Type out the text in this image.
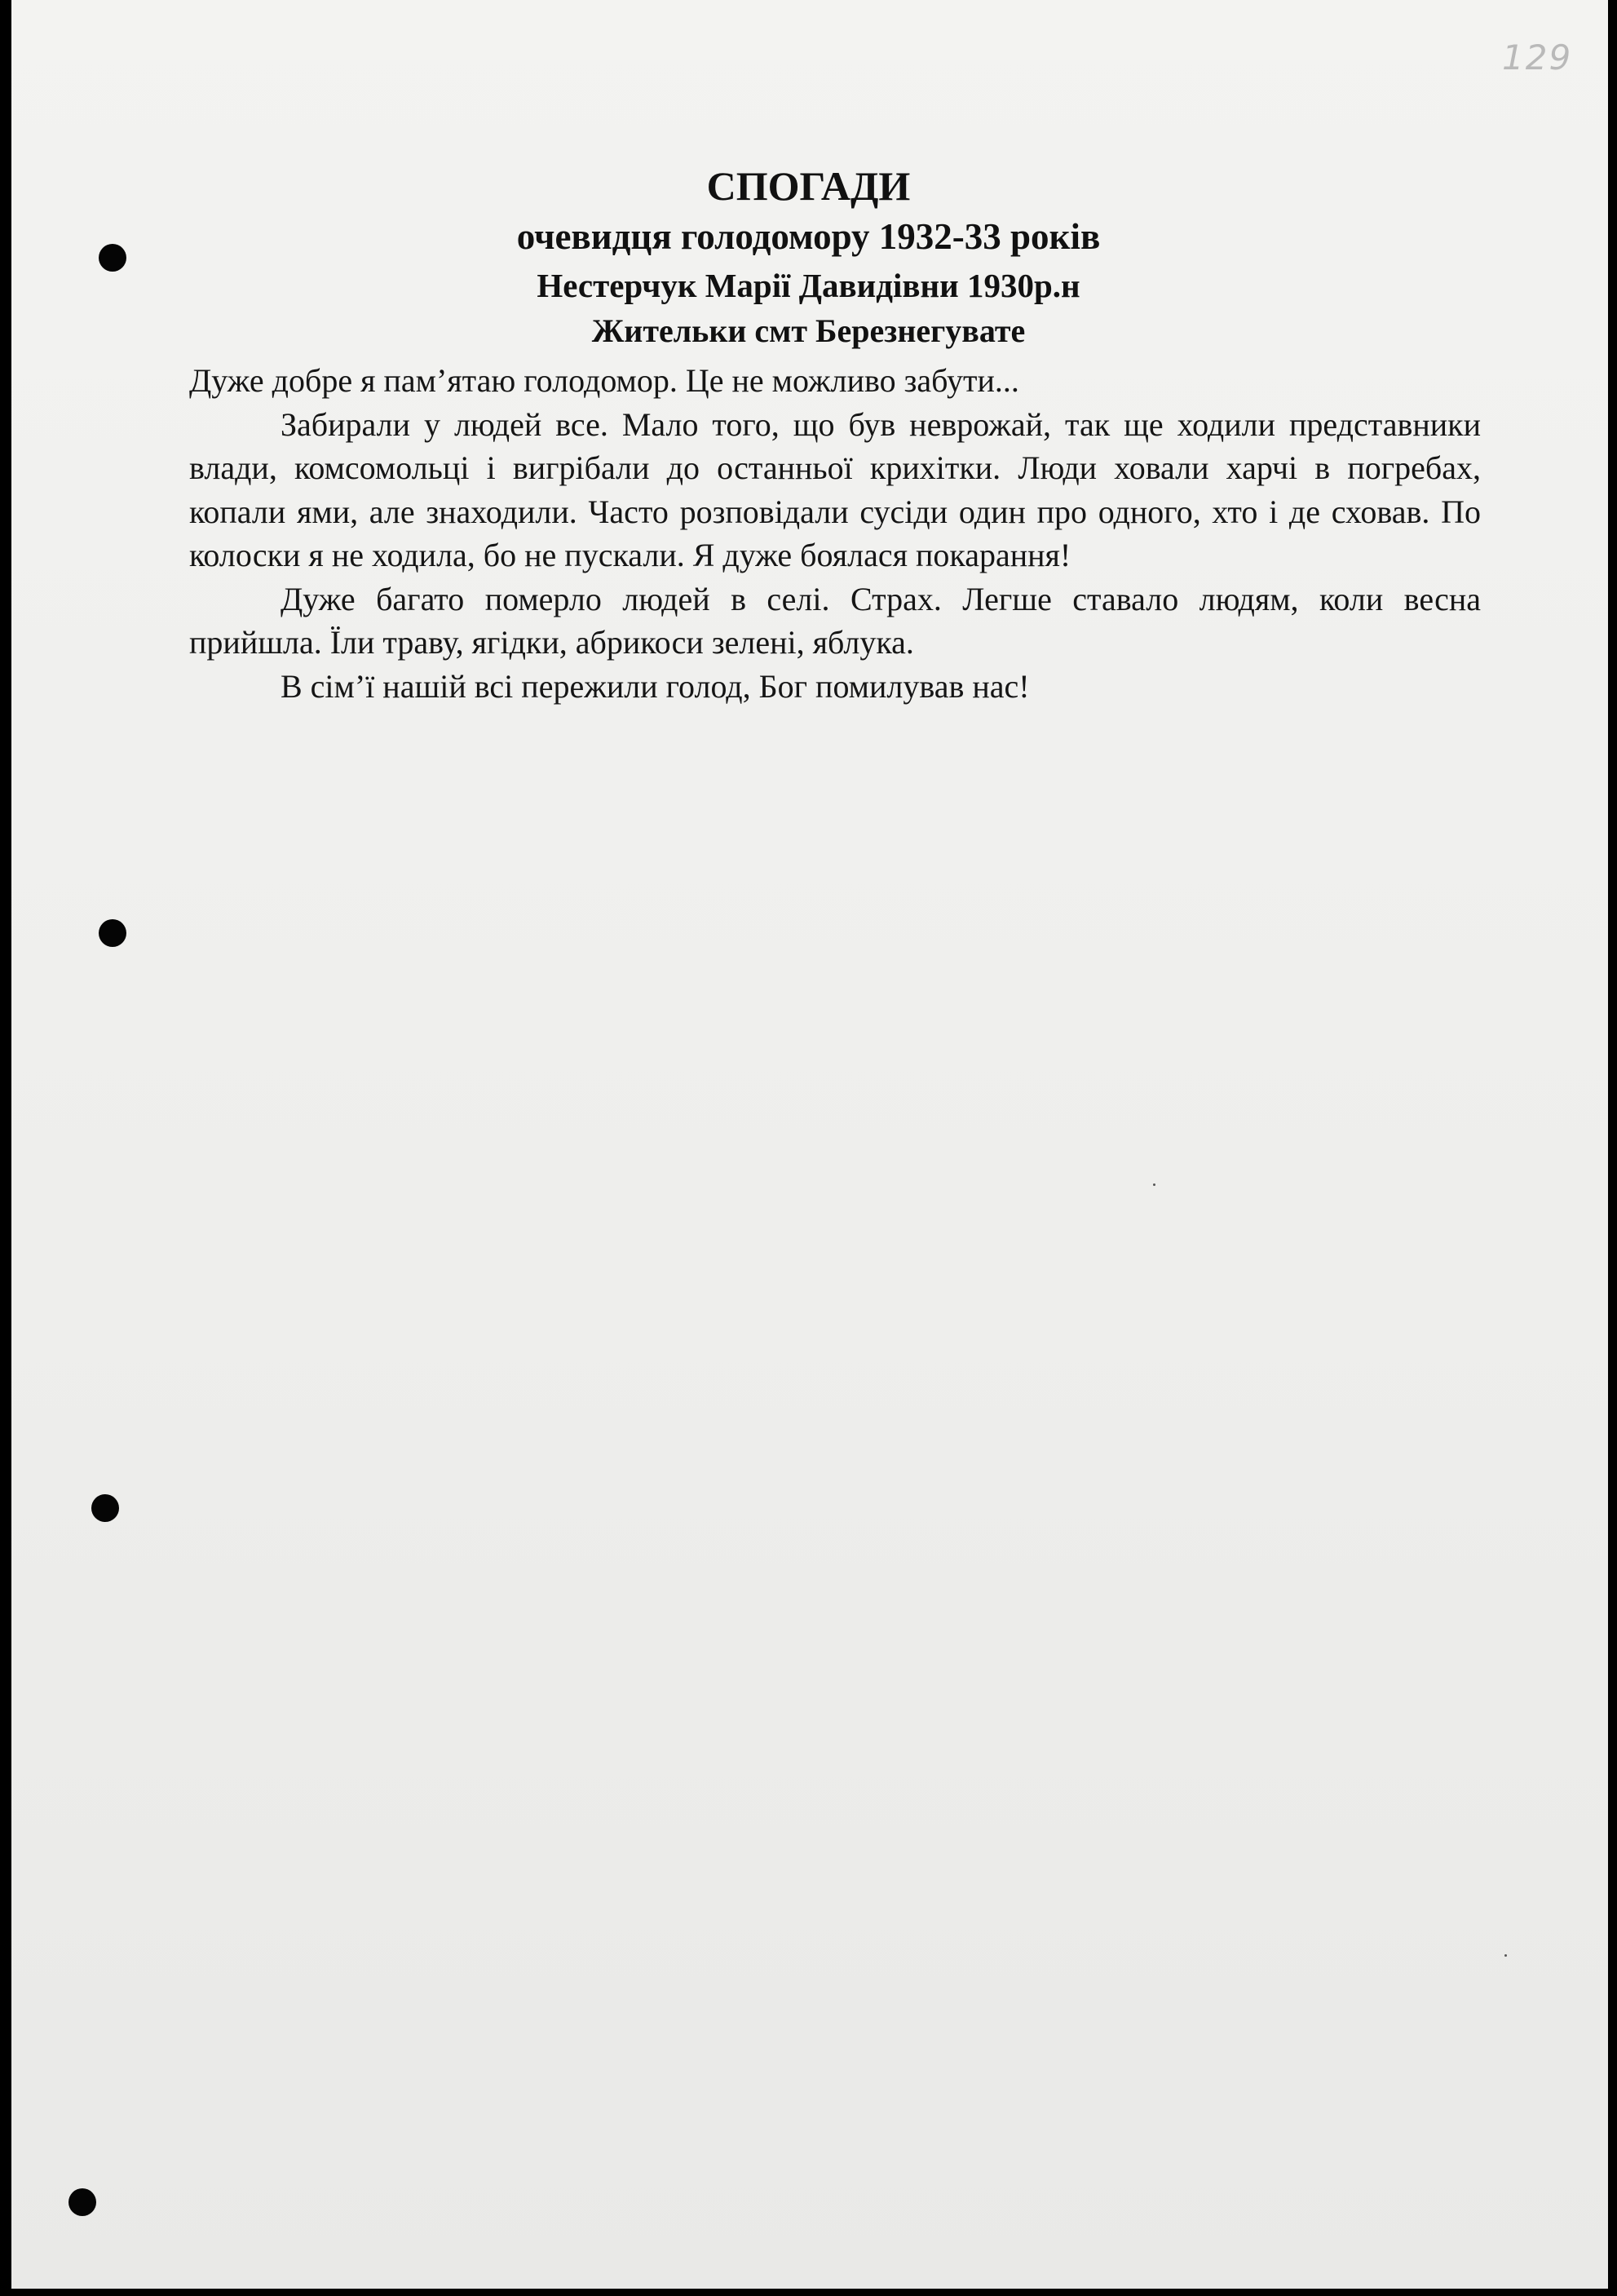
129
СПОГАДИ
очевидця голодомору 1932-33 років
Нестерчук Марії Давидівни 1930р.н
Жительки смт Березнегувате

Дуже добре я пам’ятаю голодомор. Це не можливо забути...

Забирали у людей все. Мало того, що був неврожай, так ще ходили представники влади, комсомольці і вигрібали до останньої крихітки. Люди ховали харчі в погребах, копали ями, але знаходили. Часто розповідали сусіди один про одного, хто і де сховав. По колоски я не ходила, бо не пускали. Я дуже боялася покарання!

Дуже багато померло людей в селі. Страх. Легше ставало людям, коли весна прийшла. Їли траву, ягідки, абрикоси зелені, яблука.

В сім’ї нашій всі пережили голод, Бог помилував нас!
